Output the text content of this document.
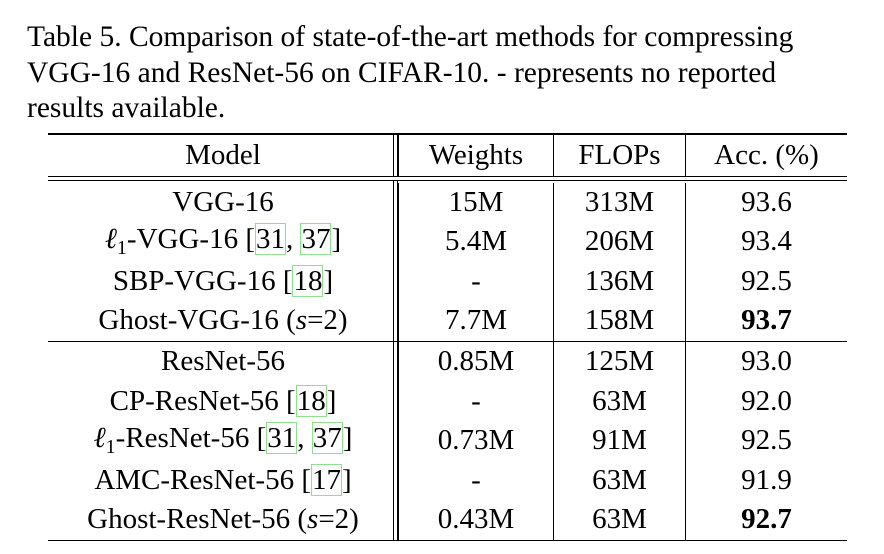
Table 5. Comparison of state-of-the-art methods for compressing
VGG-16 and ResNet-56 on CIFAR-10. - represents no reported
results available.
Model	Weights	FLOPs	Acc. (%)
VGG-16	15M	313M	93.6
ℓ$_1$-VGG-16 [31, 37]	5.4M	206M	93.4
SBP-VGG-16 [18]	-	136M	92.5
Ghost-VGG-16 (s=2)	7.7M	158M	93.7
ResNet-56	0.85M	125M	93.0
CP-ResNet-56 [18]	-	63M	92.0
ℓ$_1$-ResNet-56 [31, 37]	0.73M	91M	92.5
AMC-ResNet-56 [17]	-	63M	91.9
Ghost-ResNet-56 (s=2)	0.43M	63M	92.7
